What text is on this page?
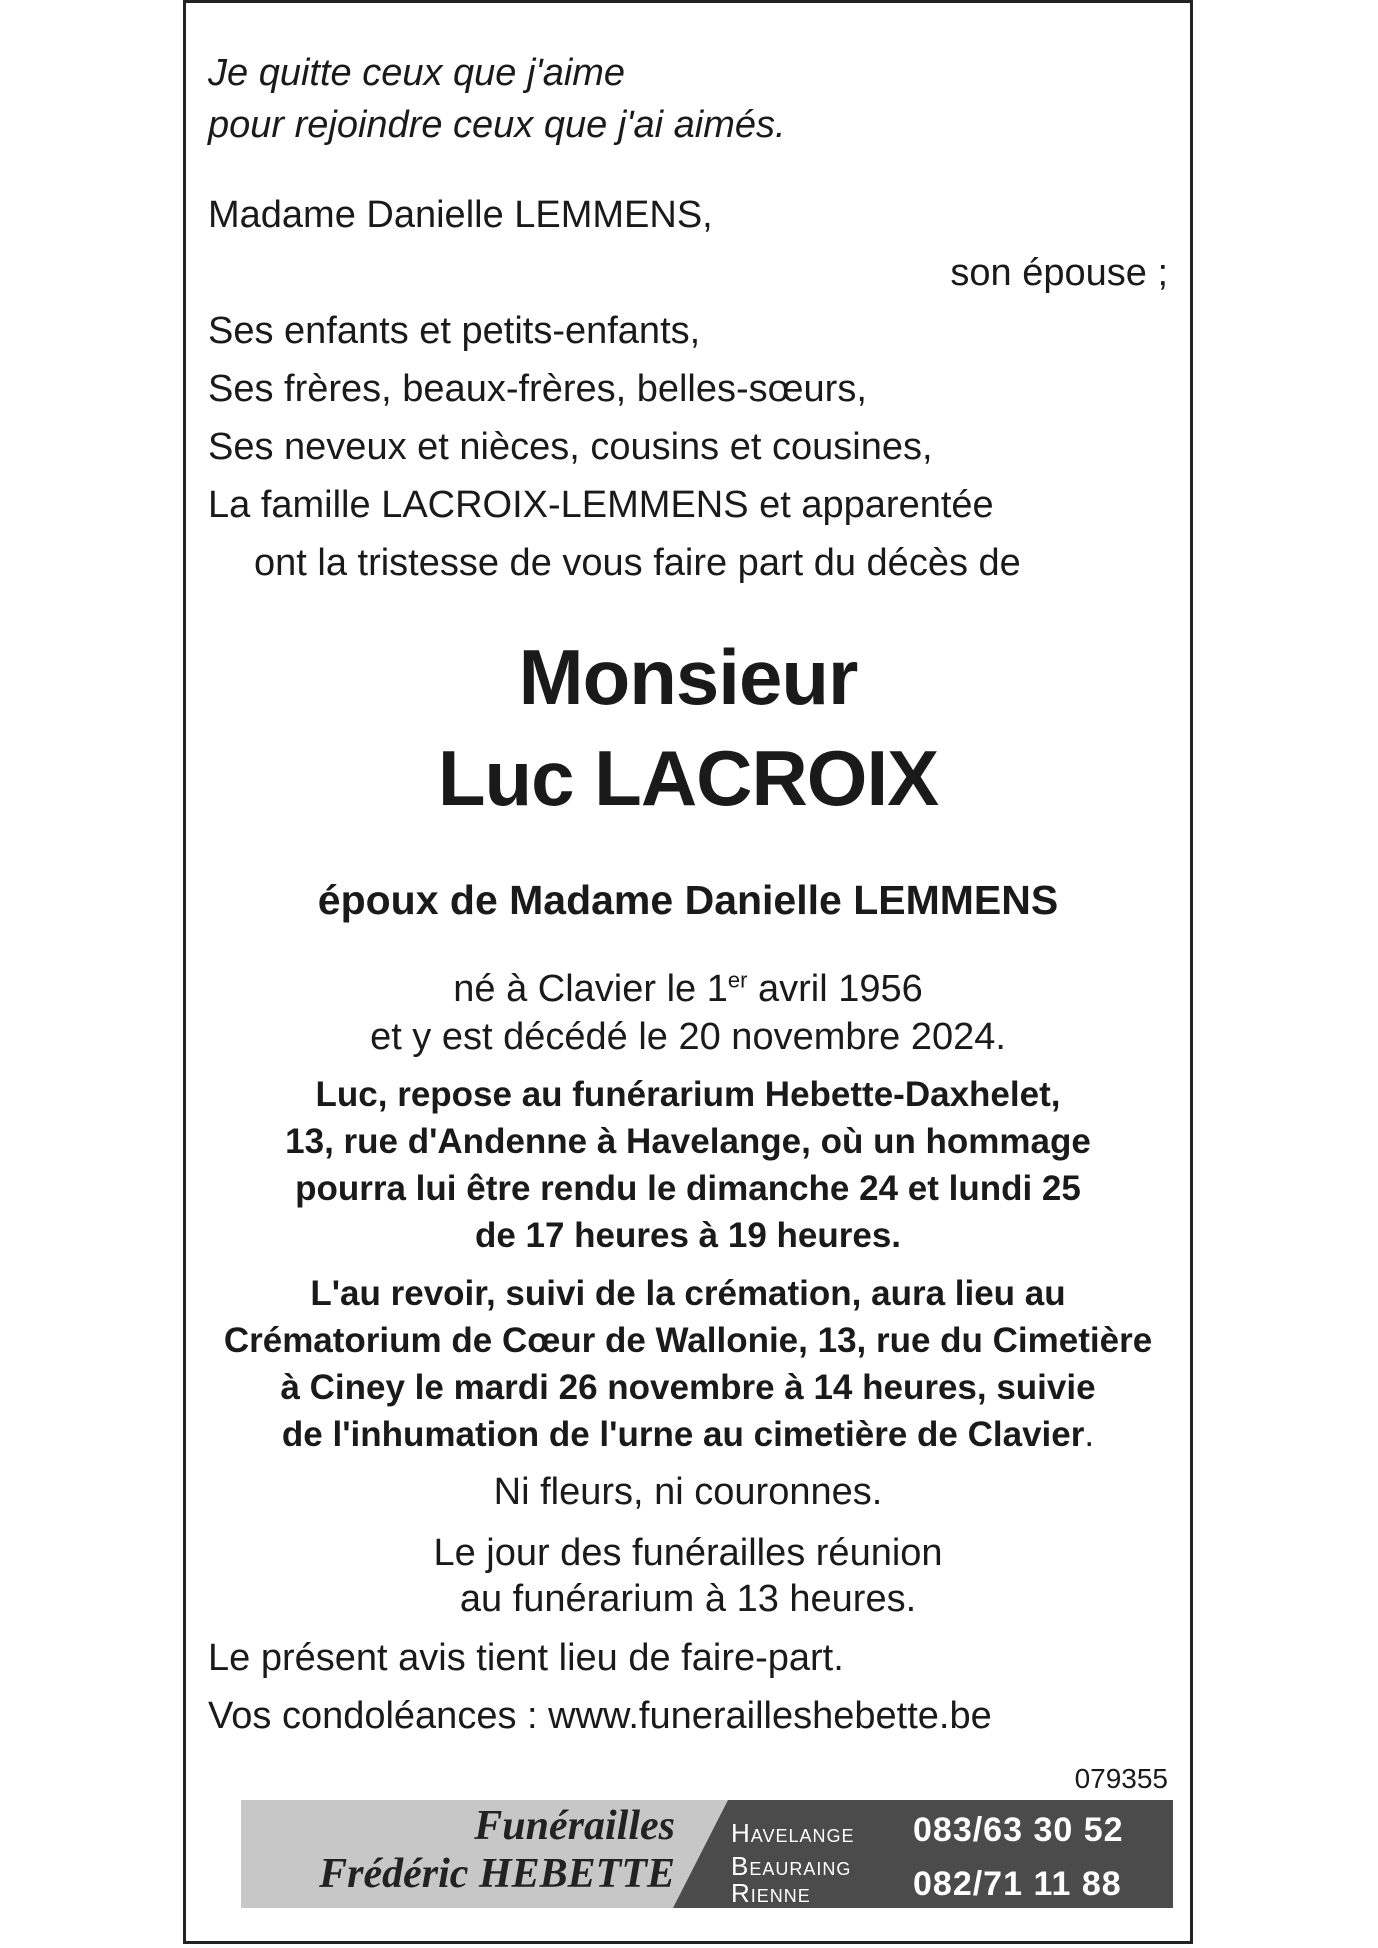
Je quitte ceux que j'aime
pour rejoindre ceux que j'ai aimés.
Madame Danielle LEMMENS,
son épouse ;
Ses enfants et petits-enfants,
Ses frères, beaux-frères, belles-sœurs,
Ses neveux et nièces, cousins et cousines,
La famille LACROIX-LEMMENS et apparentée
ont la tristesse de vous faire part du décès de
Monsieur
Luc LACROIX
époux de Madame Danielle LEMMENS
né à Clavier le 1er avril 1956
et y est décédé le 20 novembre 2024.
Luc, repose au funérarium Hebette-Daxhelet,
13, rue d'Andenne à Havelange, où un hommage
pourra lui être rendu le dimanche 24 et lundi 25
de 17 heures à 19 heures.
L'au revoir, suivi de la crémation, aura lieu au
Crématorium de Cœur de Wallonie, 13, rue du Cimetière
à Ciney le mardi 26 novembre à 14 heures, suivie
de l'inhumation de l'urne au cimetière de Clavier.
Ni fleurs, ni couronnes.
Le jour des funérailles réunion
au funérarium à 13 heures.
Le présent avis tient lieu de faire-part.
Vos condoléances : www.funerailleshebette.be
079355
Funérailles
Frédéric HEBETTE
Havelange 083/63 30 52
Beauraing
Rienne	082/71 11 88
